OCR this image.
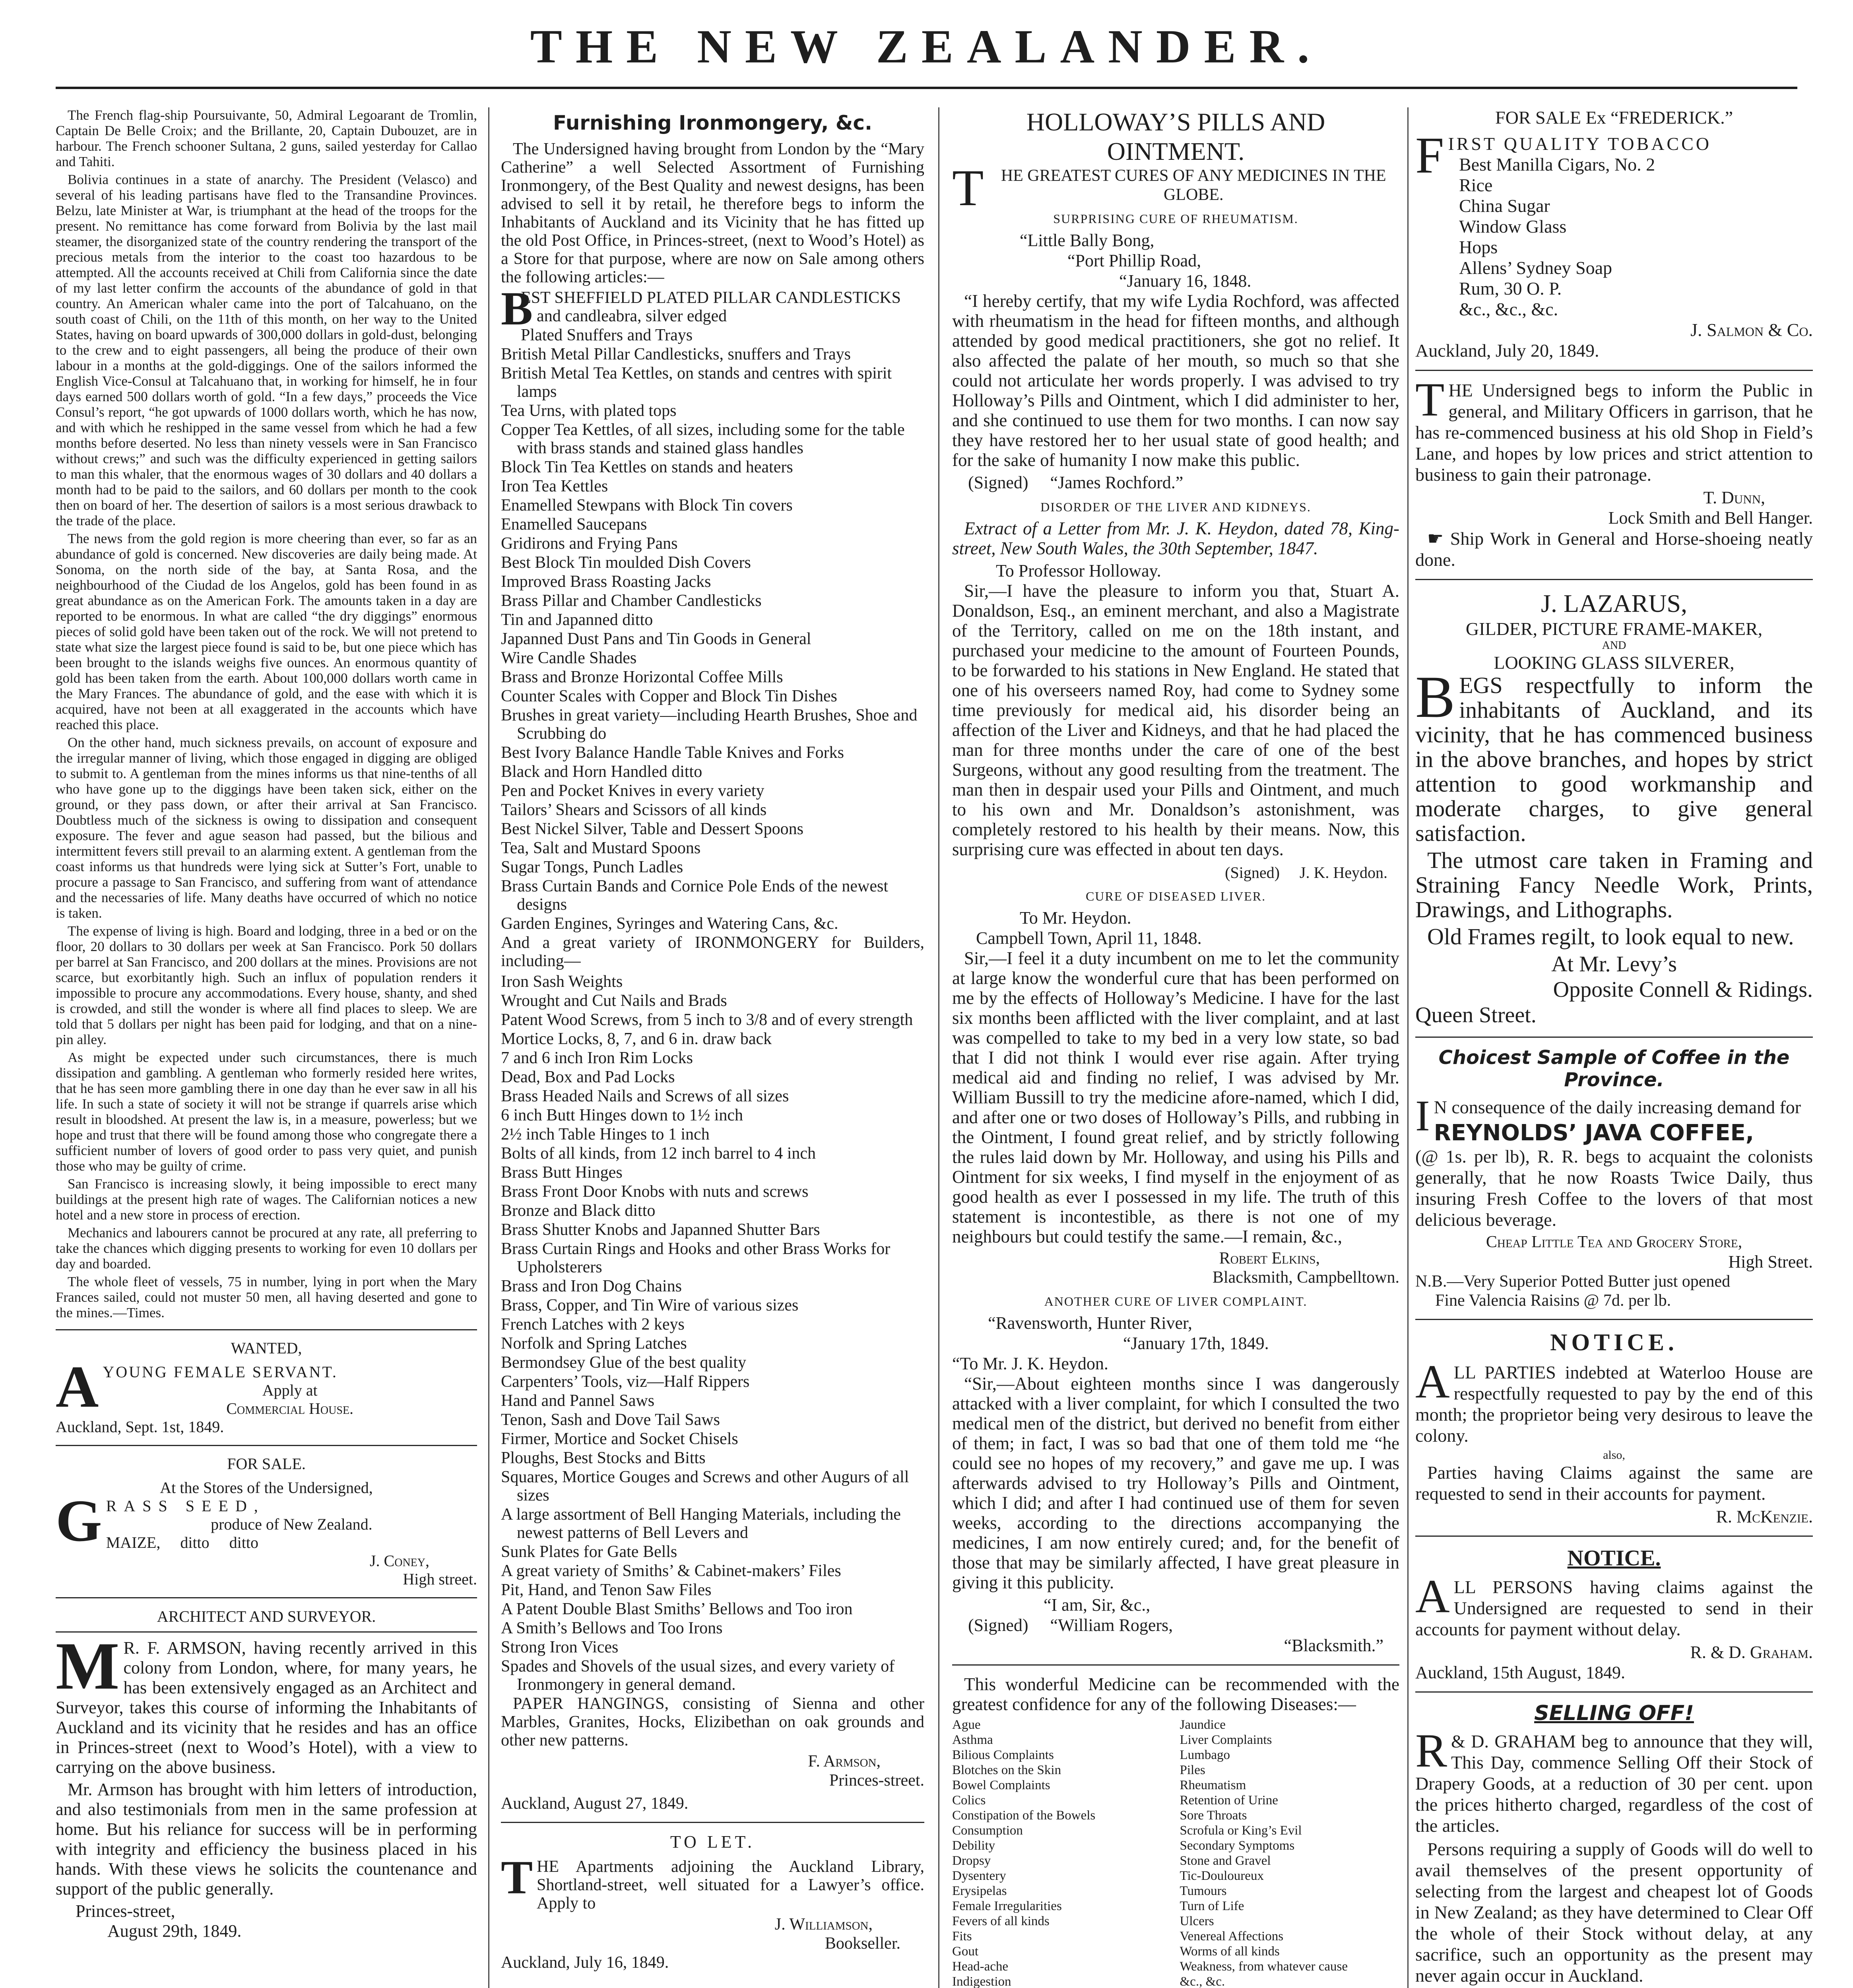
THE NEW ZEALANDER.

The French flag-ship Poursuivante, 50, Admiral Legoarant de Tromlin, Captain De Belle Croix; and the Brillante, 20, Captain Dubouzet, are in harbour. The French schooner Sultana, 2 guns, sailed yesterday for Callao and Tahiti.

Bolivia continues in a state of anarchy. The President (Velasco) and several of his leading partisans have fled to the Transandine Provinces. Belzu, late Minister at War, is triumphant at the head of the troops for the present. No remittance has come forward from Bolivia by the last mail steamer, the disorganized state of the country rendering the transport of the precious metals from the interior to the coast too hazardous to be attempted. All the accounts received at Chili from California since the date of my last letter confirm the accounts of the abundance of gold in that country. An American whaler came into the port of Talcahuano, on the south coast of Chili, on the 11th of this month, on her way to the United States, having on board upwards of 300,000 dollars in gold-dust, belonging to the crew and to eight passengers, all being the produce of their own labour in a months at the gold-diggings. One of the sailors informed the English Vice-Consul at Talcahuano that, in working for himself, he in four days earned 500 dollars worth of gold. “In a few days,” proceeds the Vice Consul’s report, “he got upwards of 1000 dollars worth, which he has now, and with which he reshipped in the same vessel from which he had a few months before deserted. No less than ninety vessels were in San Francisco without crews;” and such was the difficulty experienced in getting sailors to man this whaler, that the enormous wages of 30 dollars and 40 dollars a month had to be paid to the sailors, and 60 dollars per month to the cook then on board of her. The desertion of sailors is a most serious drawback to the trade of the place.

The news from the gold region is more cheering than ever, so far as an abundance of gold is concerned. New discoveries are daily being made. At Sonoma, on the north side of the bay, at Santa Rosa, and the neighbourhood of the Ciudad de los Angelos, gold has been found in as great abundance as on the American Fork. The amounts taken in a day are reported to be enormous. In what are called “the dry diggings” enormous pieces of solid gold have been taken out of the rock. We will not pretend to state what size the largest piece found is said to be, but one piece which has been brought to the islands weighs five ounces. An enormous quantity of gold has been taken from the earth. About 100,000 dollars worth came in the Mary Frances. The abundance of gold, and the ease with which it is acquired, have not been at all exaggerated in the accounts which have reached this place.

On the other hand, much sickness prevails, on account of exposure and the irregular manner of living, which those engaged in digging are obliged to submit to. A gentleman from the mines informs us that nine-tenths of all who have gone up to the diggings have been taken sick, either on the ground, or they pass down, or after their arrival at San Francisco. Doubtless much of the sickness is owing to dissipation and consequent exposure. The fever and ague season had passed, but the bilious and intermittent fevers still prevail to an alarming extent. A gentleman from the coast informs us that hundreds were lying sick at Sutter’s Fort, unable to procure a passage to San Francisco, and suffering from want of attendance and the necessaries of life. Many deaths have occurred of which no notice is taken.

The expense of living is high. Board and lodging, three in a bed or on the floor, 20 dollars to 30 dollars per week at San Francisco. Pork 50 dollars per barrel at San Francisco, and 200 dollars at the mines. Provisions are not scarce, but exorbitantly high. Such an influx of population renders it impossible to procure any accommodations. Every house, shanty, and shed is crowded, and still the wonder is where all find places to sleep. We are told that 5 dollars per night has been paid for lodging, and that on a nine-pin alley.

As might be expected under such circumstances, there is much dissipation and gambling. A gentleman who formerly resided here writes, that he has seen more gambling there in one day than he ever saw in all his life. In such a state of society it will not be strange if quarrels arise which result in bloodshed. At present the law is, in a measure, powerless; but we hope and trust that there will be found among those who congregate there a sufficient number of lovers of good order to pass very quiet, and punish those who may be guilty of crime.

San Francisco is increasing slowly, it being impossible to erect many buildings at the present high rate of wages. The Californian notices a new hotel and a new store in process of erection.

Mechanics and labourers cannot be procured at any rate, all preferring to take the chances which digging presents to working for even 10 dollars per day and boarded.

The whole fleet of vessels, 75 in number, lying in port when the Mary Frances sailed, could not muster 50 men, all having deserted and gone to the mines.—Times.

WANTED,
A YOUNG FEMALE SERVANT.
Apply at
Commercial House.
Auckland, Sept. 1st, 1849.
FOR SALE.
At the Stores of the Undersigned,
G RASS SEED,
produce of New Zealand.
MAIZE,     ditto     ditto
J. Coney,
High street.
ARCHITECT AND SURVEYOR.
M R. F. ARMSON, having recently arrived in this colony from London, where, for many years, he has been extensively engaged as an Architect and Surveyor, takes this course of informing the Inhabitants of Auckland and its vicinity that he resides and has an office in Princes-street (next to Wood’s Hotel), with a view to carrying on the above business.

Mr. Armson has brought with him letters of introduction, and also testimonials from men in the same profession at home. But his reliance for success will be in performing with integrity and efficiency the business placed in his hands. With these views he solicits the countenance and support of the public generally.

Princes-street,
August 29th, 1849.
Furnishing Ironmongery, &c.

The Undersigned having brought from London by the “Mary Catherine” a well Selected Assortment of Furnishing Ironmongery, of the Best Quality and newest designs, has been advised to sell it by retail, he therefore begs to inform the Inhabitants of Auckland and its Vicinity that he has fitted up the old Post Office, in Princes-street, (next to Wood’s Hotel) as a Store for that purpose, where are now on Sale among others the following articles:—

B
EST SHEFFIELD PLATED PILLAR CANDLESTICKS and candleabra, silver edged
Plated Snuffers and Trays
British Metal Pillar Candlesticks, snuffers and Trays
British Metal Tea Kettles, on stands and centres with spirit lamps
Tea Urns, with plated tops
Copper Tea Kettles, of all sizes, including some for the table with brass stands and stained glass handles
Block Tin Tea Kettles on stands and heaters
Iron Tea Kettles
Enamelled Stewpans with Block Tin covers
Enamelled Saucepans
Gridirons and Frying Pans
Best Block Tin moulded Dish Covers
Improved Brass Roasting Jacks
Brass Pillar and Chamber Candlesticks
Tin and Japanned ditto
Japanned Dust Pans and Tin Goods in General
Wire Candle Shades
Brass and Bronze Horizontal Coffee Mills
Counter Scales with Copper and Block Tin Dishes
Brushes in great variety—including Hearth Brushes, Shoe and Scrubbing do
Best Ivory Balance Handle Table Knives and Forks
Black and Horn Handled ditto
Pen and Pocket Knives in every variety
Tailors’ Shears and Scissors of all kinds
Best Nickel Silver, Table and Dessert Spoons
Tea, Salt and Mustard Spoons
Sugar Tongs, Punch Ladles
Brass Curtain Bands and Cornice Pole Ends of the newest designs
Garden Engines, Syringes and Watering Cans, &c.

And a great variety of IRONMONGERY for Builders, including—

Iron Sash Weights
Wrought and Cut Nails and Brads
Patent Wood Screws, from 5 inch to 3/8 and of every strength
Mortice Locks, 8, 7, and 6 in. draw back
7 and 6 inch Iron Rim Locks
Dead, Box and Pad Locks
Brass Headed Nails and Screws of all sizes
6 inch Butt Hinges down to 1½ inch
2½ inch Table Hinges to 1 inch
Bolts of all kinds, from 12 inch barrel to 4 inch
Brass Butt Hinges
Brass Front Door Knobs with nuts and screws
Bronze and Black ditto
Brass Shutter Knobs and Japanned Shutter Bars
Brass Curtain Rings and Hooks and other Brass Works for Upholsterers
Brass and Iron Dog Chains
Brass, Copper, and Tin Wire of various sizes
French Latches with 2 keys
Norfolk and Spring Latches
Bermondsey Glue of the best quality
Carpenters’ Tools, viz—Half Rippers
Hand and Pannel Saws
Tenon, Sash and Dove Tail Saws
Firmer, Mortice and Socket Chisels
Ploughs, Best Stocks and Bitts
Squares, Mortice Gouges and Screws and other Augurs of all sizes
A large assortment of Bell Hanging Materials, including the newest patterns of Bell Levers and
Sunk Plates for Gate Bells
A great variety of Smiths’ & Cabinet-makers’ Files
Pit, Hand, and Tenon Saw Files
A Patent Double Blast Smiths’ Bellows and Too iron
A Smith’s Bellows and Too Irons
Strong Iron Vices
Spades and Shovels of the usual sizes, and every variety of Ironmongery in general demand.

PAPER HANGINGS, consisting of Sienna and other Marbles, Granites, Hocks, Elizibethan on oak grounds and other new patterns.

F. Armson,
Princes-street.
Auckland, August 27, 1849.
TO LET.
T HE Apartments adjoining the Auckland Library, Shortland-street, well situated for a Lawyer’s office. Apply to

J. Williamson,
Bookseller.
Auckland, July 16, 1849.
HOLLOWAY’S PILLS AND
OINTMENT.
T	HE GREATEST CURES OF ANY MEDICINES IN THE GLOBE.
SURPRISING CURE OF RHEUMATISM.
“Little Bally Bong,
“Port Phillip Road,
“January 16, 1848.

“I hereby certify, that my wife Lydia Rochford, was affected with rheumatism in the head for fifteen months, and although attended by good medical practitioners, she got no relief. It also affected the palate of her mouth, so much so that she could not articulate her words properly. I was advised to try Holloway’s Pills and Ointment, which I did administer to her, and she continued to use them for two months. I can now say they have restored her to her usual state of good health; and for the sake of humanity I now make this public.

(Signed)     “James Rochford.”
DISORDER OF THE LIVER AND KIDNEYS.

Extract of a Letter from Mr. J. K. Heydon, dated 78, King-street, New South Wales, the 30th September, 1847.

To Professor Holloway.

Sir,—I have the pleasure to inform you that, Stuart A. Donaldson, Esq., an eminent merchant, and also a Magistrate of the Territory, called on me on the 18th instant, and purchased your medicine to the amount of Fourteen Pounds, to be forwarded to his stations in New England. He stated that one of his overseers named Roy, had come to Sydney some time previously for medical aid, his disorder being an affection of the Liver and Kidneys, and that he had placed the man for three months under the care of one of the best Surgeons, without any good resulting from the treatment. The man then in despair used your Pills and Ointment, and much to his own and Mr. Donaldson’s astonishment, was completely restored to his health by their means. Now, this surprising cure was effected in about ten days.

(Signed)     J. K. Heydon.
CURE OF DISEASED LIVER.
To Mr. Heydon.
Campbell Town, April 11, 1848.

Sir,—I feel it a duty incumbent on me to let the community at large know the wonderful cure that has been performed on me by the effects of Holloway’s Medicine. I have for the last six months been afflicted with the liver complaint, and at last was compelled to take to my bed in a very low state, so bad that I did not think I would ever rise again. After trying medical aid and finding no relief, I was advised by Mr. William Bussill to try the medicine afore-named, which I did, and after one or two doses of Holloway’s Pills, and rubbing in the Ointment, I found great relief, and by strictly following the rules laid down by Mr. Holloway, and using his Pills and Ointment for six weeks, I find myself in the enjoyment of as good health as ever I possessed in my life. The truth of this statement is incontestible, as there is not one of my neighbours but could testify the same.—I remain, &c.,

Robert Elkins,
Blacksmith, Campbelltown.
ANOTHER CURE OF LIVER COMPLAINT.
“Ravensworth, Hunter River,
“January 17th, 1849.
“To Mr. J. K. Heydon.

“Sir,—About eighteen months since I was dangerously attacked with a liver complaint, for which I consulted the two medical men of the district, but derived no benefit from either of them; in fact, I was so bad that one of them told me “he could see no hopes of my recovery,” and gave me up. I was afterwards advised to try Holloway’s Pills and Ointment, which I did; and after I had continued use of them for seven weeks, according to the directions accompanying the medicines, I am now entirely cured; and, for the benefit of those that may be similarly affected, I have great pleasure in giving it this publicity.

“I am, Sir, &c.,
(Signed)     “William Rogers,
“Blacksmith.”

This wonderful Medicine can be recommended with the greatest confidence for any of the following Diseases:—

Ague	Jaundice
Asthma	Liver Complaints
Bilious Complaints	Lumbago
Blotches on the Skin	Piles
Bowel Complaints	Rheumatism
Colics	Retention of Urine
Constipation of the Bowels	Sore Throats
Consumption	Scrofula or King’s Evil
Debility	Secondary Symptoms
Dropsy	Stone and Gravel
Dysentery	Tic-Douloureux
Erysipelas	Tumours
Female Irregularities	Turn of Life
Fevers of all kinds	Ulcers
Fits	Venereal Affections
Gout	Worms of all kinds
Head-ache	Weakness, from whatever cause
Indigestion	&c., &c.
FOR SALE Ex “FREDERICK.”
F IRST QUALITY TOBACCO
Best Manilla Cigars, No. 2
Rice
China Sugar
Window Glass
Hops
Allens’ Sydney Soap
Rum, 30 O. P.
&c., &c., &c.
J. Salmon & Co.
Auckland, July 20, 1849.
T HE Undersigned begs to inform the Public in general, and Military Officers in garrison, that he has re-commenced business at his old Shop in Field’s Lane, and hopes by low prices and strict attention to business to gain their patronage.

T. Dunn,
Lock Smith and Bell Hanger.

☛ Ship Work in General and Horse-shoeing neatly done.

J. LAZARUS,
GILDER, PICTURE FRAME-MAKER,
AND
LOOKING GLASS SILVERER,
B EGS respectfully to inform the inhabitants of Auckland, and its vicinity, that he has commenced business in the above branches, and hopes by strict attention to good workmanship and moderate charges, to give general satisfaction.

The utmost care taken in Framing and Straining Fancy Needle Work, Prints, Drawings, and Lithographs.

Old Frames regilt, to look equal to new.

At Mr. Levy’s
Opposite Connell & Ridings.
Queen Street.
Choicest Sample of Coffee in the Province.
I N consequence of the daily increasing demand for

REYNOLDS’ JAVA COFFEE,

(@ 1s. per lb), R. R. begs to acquaint the colonists generally, that he now Roasts Twice Daily, thus insuring Fresh Coffee to the lovers of that most delicious beverage.

Cheap Little Tea and Grocery Store,
High Street.
N.B.—Very Superior Potted Butter just opened
Fine Valencia Raisins @ 7d. per lb.
NOTICE.
A LL PARTIES indebted at Waterloo House are respectfully requested to pay by the end of this month; the proprietor being very desirous to leave the colony.

also,

Parties having Claims against the same are requested to send in their accounts for payment.

R. McKenzie.
NOTICE.
A LL PERSONS having claims against the Undersigned are requested to send in their accounts for payment without delay.

R. & D. Graham.
Auckland, 15th August, 1849.
SELLING OFF!
R & D. GRAHAM beg to announce that they will, This Day, commence Selling Off their Stock of Drapery Goods, at a reduction of 30 per cent. upon the prices hitherto charged, regardless of the cost of the articles.

Persons requiring a supply of Goods will do well to avail themselves of the present opportunity of selecting from the largest and cheapest lot of Goods in New Zealand; as they have determined to Clear Off the whole of their Stock without delay, at any sacrifice, such an opportunity as the present may never again occur in Auckland.
